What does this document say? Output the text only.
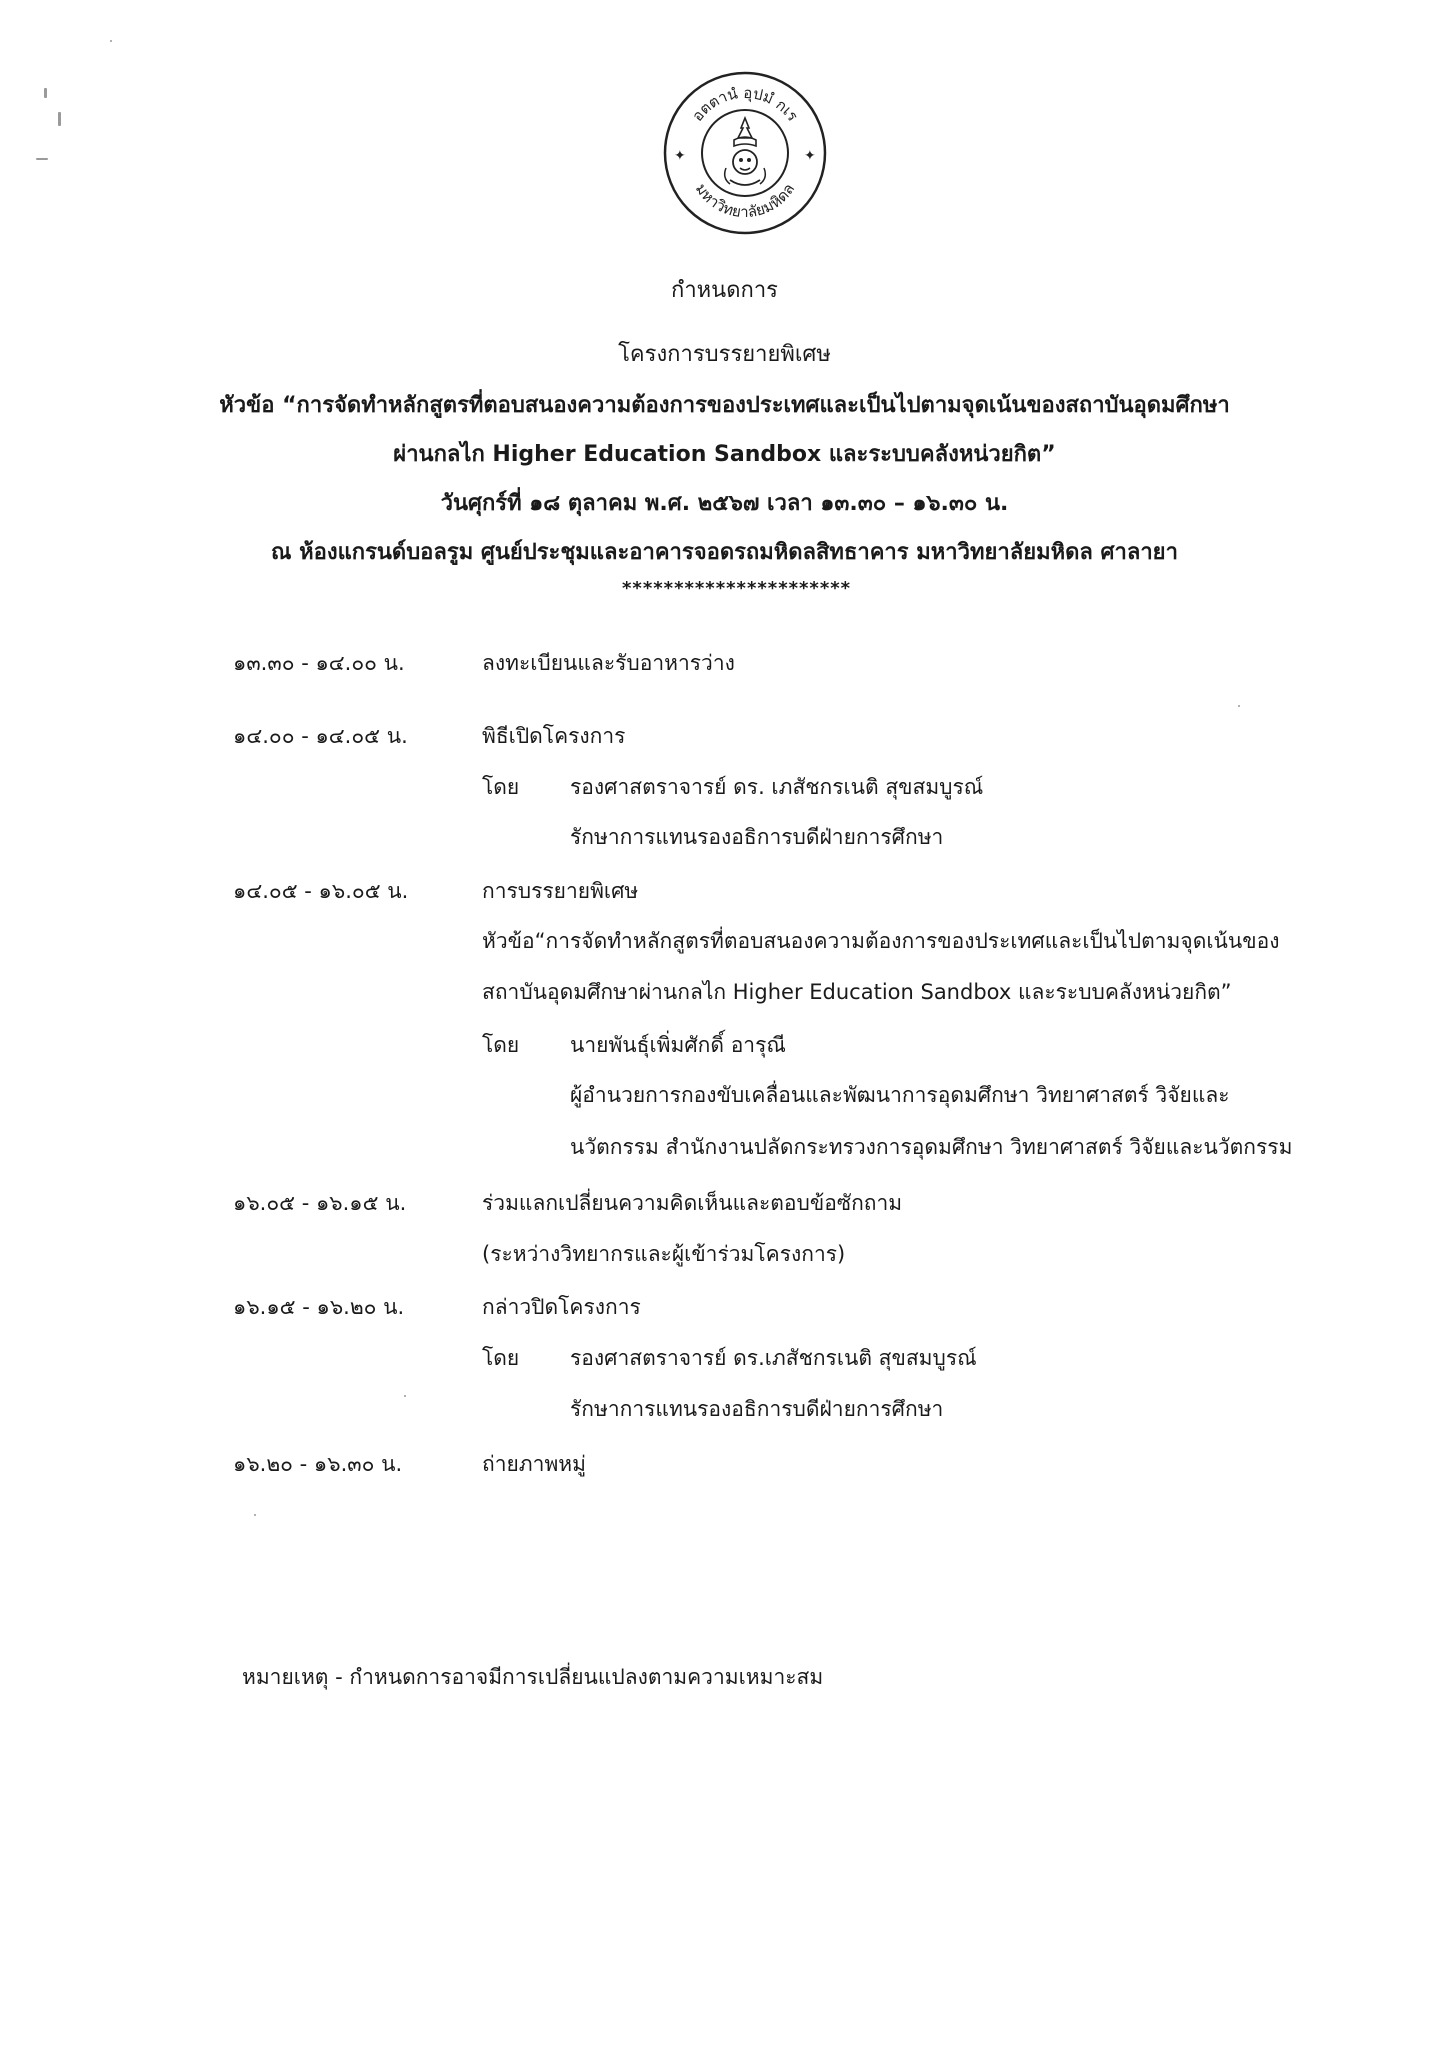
อตตานํ อุปมํ กเร
มหาวิทยาลัยมหิดล
✦	✦
กำหนดการ
โครงการบรรยายพิเศษ
หัวข้อ “การจัดทำหลักสูตรที่ตอบสนองความต้องการของประเทศและเป็นไปตามจุดเน้นของสถาบันอุดมศึกษา
ผ่านกลไก Higher Education Sandbox และระบบคลังหน่วยกิต”
วันศุกร์ที่ ๑๘ ตุลาคม พ.ศ. ๒๕๖๗ เวลา ๑๓.๓๐ – ๑๖.๓๐ น.
ณ ห้องแกรนด์บอลรูม ศูนย์ประชุมและอาคารจอดรถมหิดลสิทธาคาร มหาวิทยาลัยมหิดล ศาลายา
**********************
๑๓.๓๐ - ๑๔.๐๐ น.	ลงทะเบียนและรับอาหารว่าง
๑๔.๐๐ - ๑๔.๐๕ น.	พิธีเปิดโครงการ
โดย รองศาสตราจารย์ ดร. เภสัชกรเนติ สุขสมบูรณ์
รักษาการแทนรองอธิการบดีฝ่ายการศึกษา
๑๔.๐๕ - ๑๖.๐๕ น.	การบรรยายพิเศษ
หัวข้อ“การจัดทำหลักสูตรที่ตอบสนองความต้องการของประเทศและเป็นไปตามจุดเน้นของ
สถาบันอุดมศึกษาผ่านกลไก Higher Education Sandbox และระบบคลังหน่วยกิต”
โดย นายพันธุ์เพิ่มศักดิ์ อารุณี
ผู้อำนวยการกองขับเคลื่อนและพัฒนาการอุดมศึกษา วิทยาศาสตร์ วิจัยและ
นวัตกรรม สำนักงานปลัดกระทรวงการอุดมศึกษา วิทยาศาสตร์ วิจัยและนวัตกรรม
๑๖.๐๕ - ๑๖.๑๕ น.	ร่วมแลกเปลี่ยนความคิดเห็นและตอบข้อซักถาม
(ระหว่างวิทยากรและผู้เข้าร่วมโครงการ)
๑๖.๑๕ - ๑๖.๒๐ น.	กล่าวปิดโครงการ
โดย รองศาสตราจารย์ ดร.เภสัชกรเนติ สุขสมบูรณ์
รักษาการแทนรองอธิการบดีฝ่ายการศึกษา
๑๖.๒๐ - ๑๖.๓๐ น.	ถ่ายภาพหมู่
หมายเหตุ - กำหนดการอาจมีการเปลี่ยนแปลงตามความเหมาะสม
